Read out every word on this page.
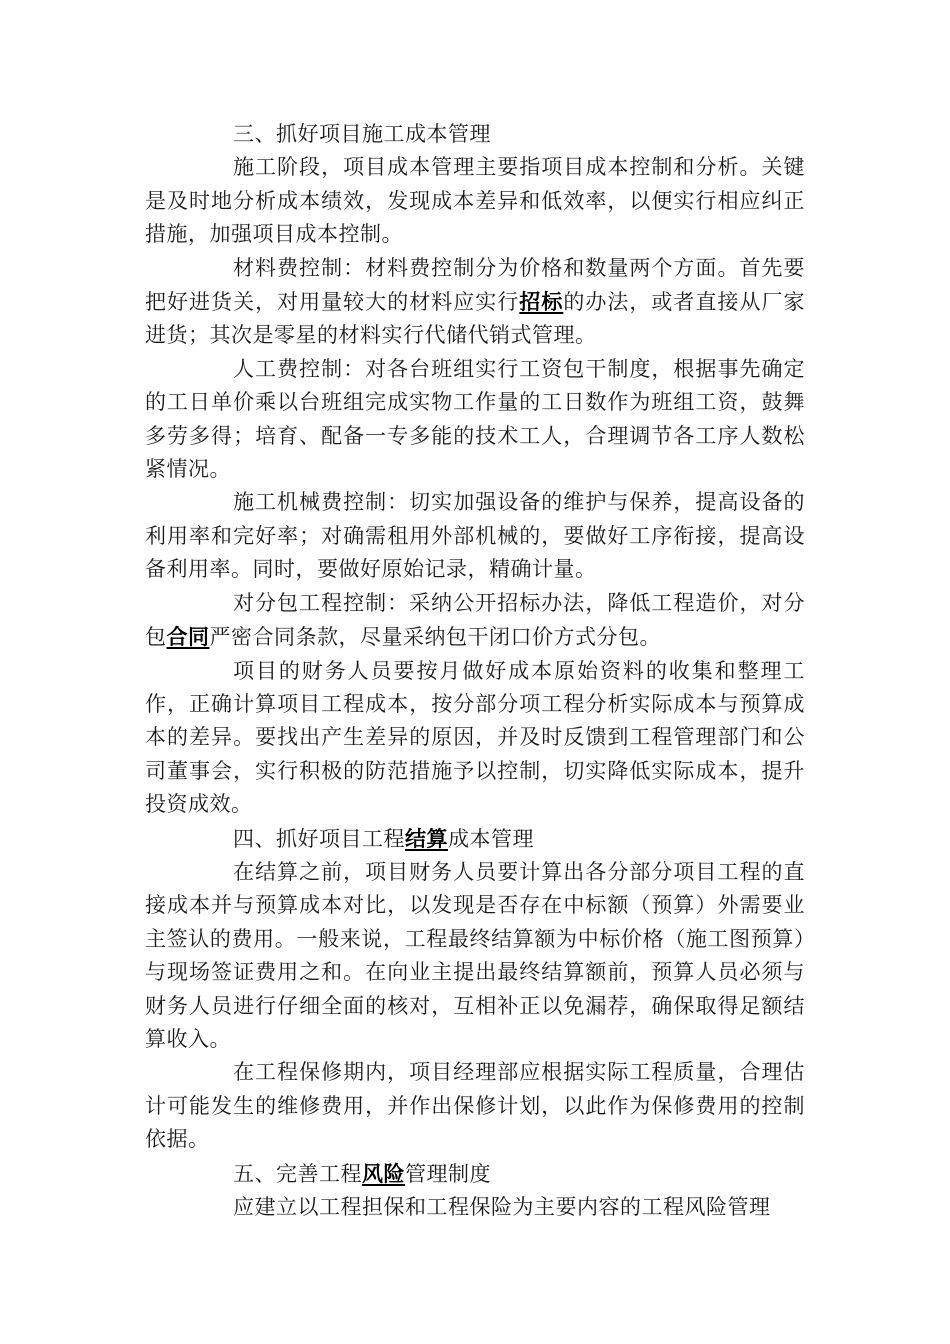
三、抓好项目施工成本管理

施工阶段，项目成本管理主要指项目成本控制和分析。关键是及时地分析成本绩效，发现成本差异和低效率，以便实行相应纠正措施，加强项目成本控制。

材料费控制：材料费控制分为价格和数量两个方面。首先要把好进货关，对用量较大的材料应实行招标的办法，或者直接从厂家进货；其次是零星的材料实行代储代销式管理。

人工费控制：对各台班组实行工资包干制度，根据事先确定的工日单价乘以台班组完成实物工作量的工日数作为班组工资，鼓舞多劳多得；培育、配备一专多能的技术工人，合理调节各工序人数松紧情况。

施工机械费控制：切实加强设备的维护与保养，提高设备的利用率和完好率；对确需租用外部机械的，要做好工序衔接，提高设备利用率。同时，要做好原始记录，精确计量。

对分包工程控制：采纳公开招标办法，降低工程造价，对分包合同严密合同条款，尽量采纳包干闭口价方式分包。

项目的财务人员要按月做好成本原始资料的收集和整理工作，正确计算项目工程成本，按分部分项工程分析实际成本与预算成本的差异。要找出产生差异的原因，并及时反馈到工程管理部门和公司董事会，实行积极的防范措施予以控制，切实降低实际成本，提升投资成效。

四、抓好项目工程结算成本管理

在结算之前，项目财务人员要计算出各分部分项目工程的直接成本并与预算成本对比，以发现是否存在中标额（预算）外需要业主签认的费用。一般来说，工程最终结算额为中标价格（施工图预算）与现场签证费用之和。在向业主提出最终结算额前，预算人员必须与财务人员进行仔细全面的核对，互相补正以免漏荐，确保取得足额结算收入。

在工程保修期内，项目经理部应根据实际工程质量，合理估计可能发生的维修费用，并作出保修计划，以此作为保修费用的控制依据。

五、完善工程风险管理制度

应建立以工程担保和工程保险为主要内容的工程风险管理
